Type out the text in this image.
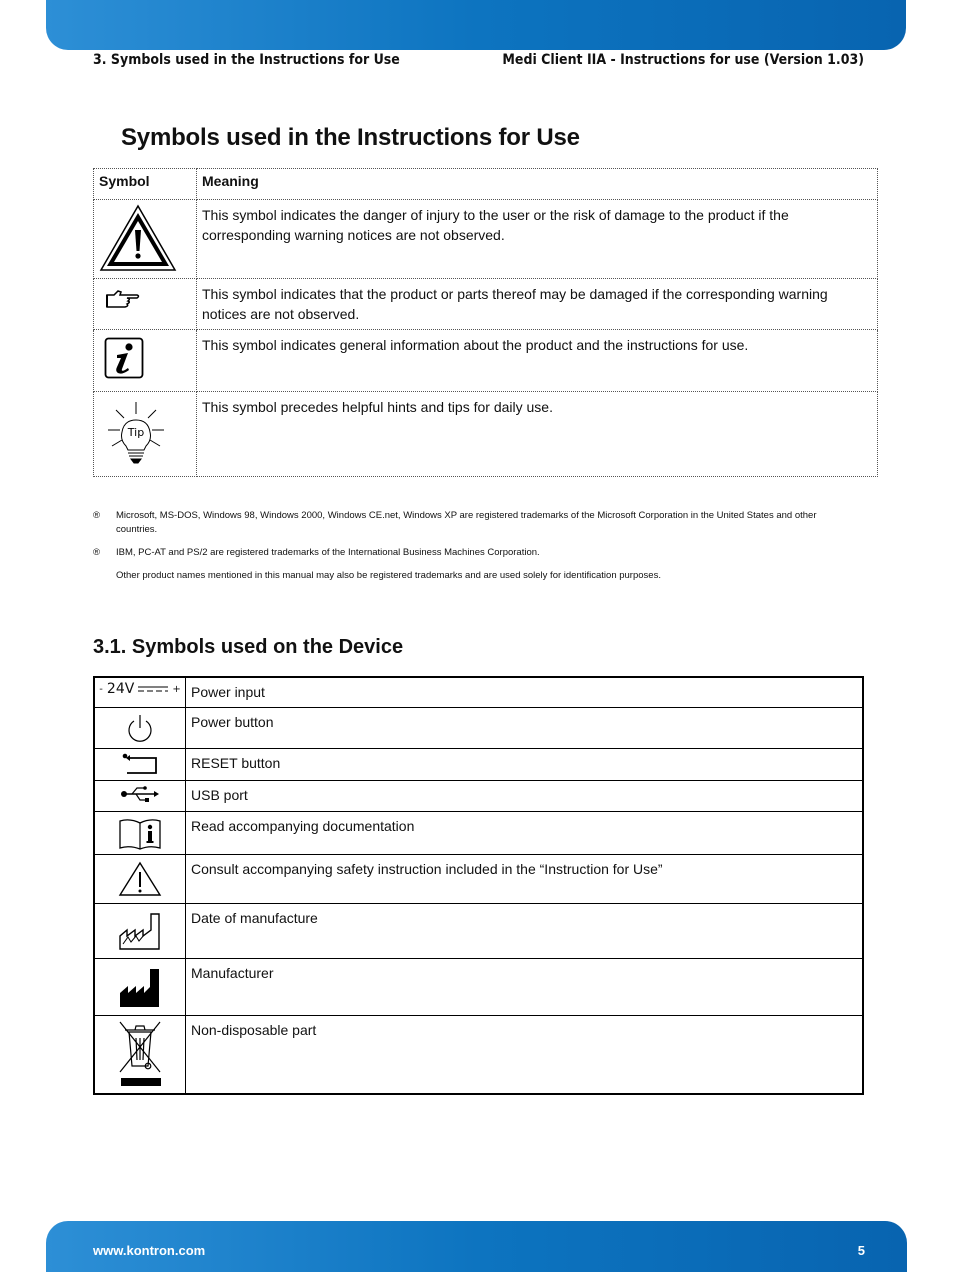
3. Symbols used in the Instructions for Use	Medi Client IIA - Instructions for use (Version 1.03)
Symbols used in the Instructions for Use
Symbol	Meaning

	This symbol indicates the danger of injury to the user or the risk of damage to the product if the corresponding warning notices are not observed.

	This symbol indicates that the product or parts thereof may be damaged if the corresponding warning notices are not observed.

	This symbol indicates general information about the product and the instructions for use.

Tip	This symbol precedes helpful hints and tips for daily use.
® Microsoft, MS-DOS, Windows 98, Windows 2000, Windows CE.net, Windows XP are registered trademarks of the Microsoft Corporation in the United States and other countries.
® IBM, PC-AT and PS/2 are registered trademarks of the International Business Machines Corporation.
Other product names mentioned in this manual may also be registered trademarks and are used solely for identification purposes.
3.1. Symbols used on the Device
- 24V +	Power input

	Power button

	RESET button

	USB port

	Read accompanying documentation

	Consult accompanying safety instruction included in the “Instruction for Use”

	Date of manufacture

	Manufacturer

	Non-disposable part
www.kontron.com	5
